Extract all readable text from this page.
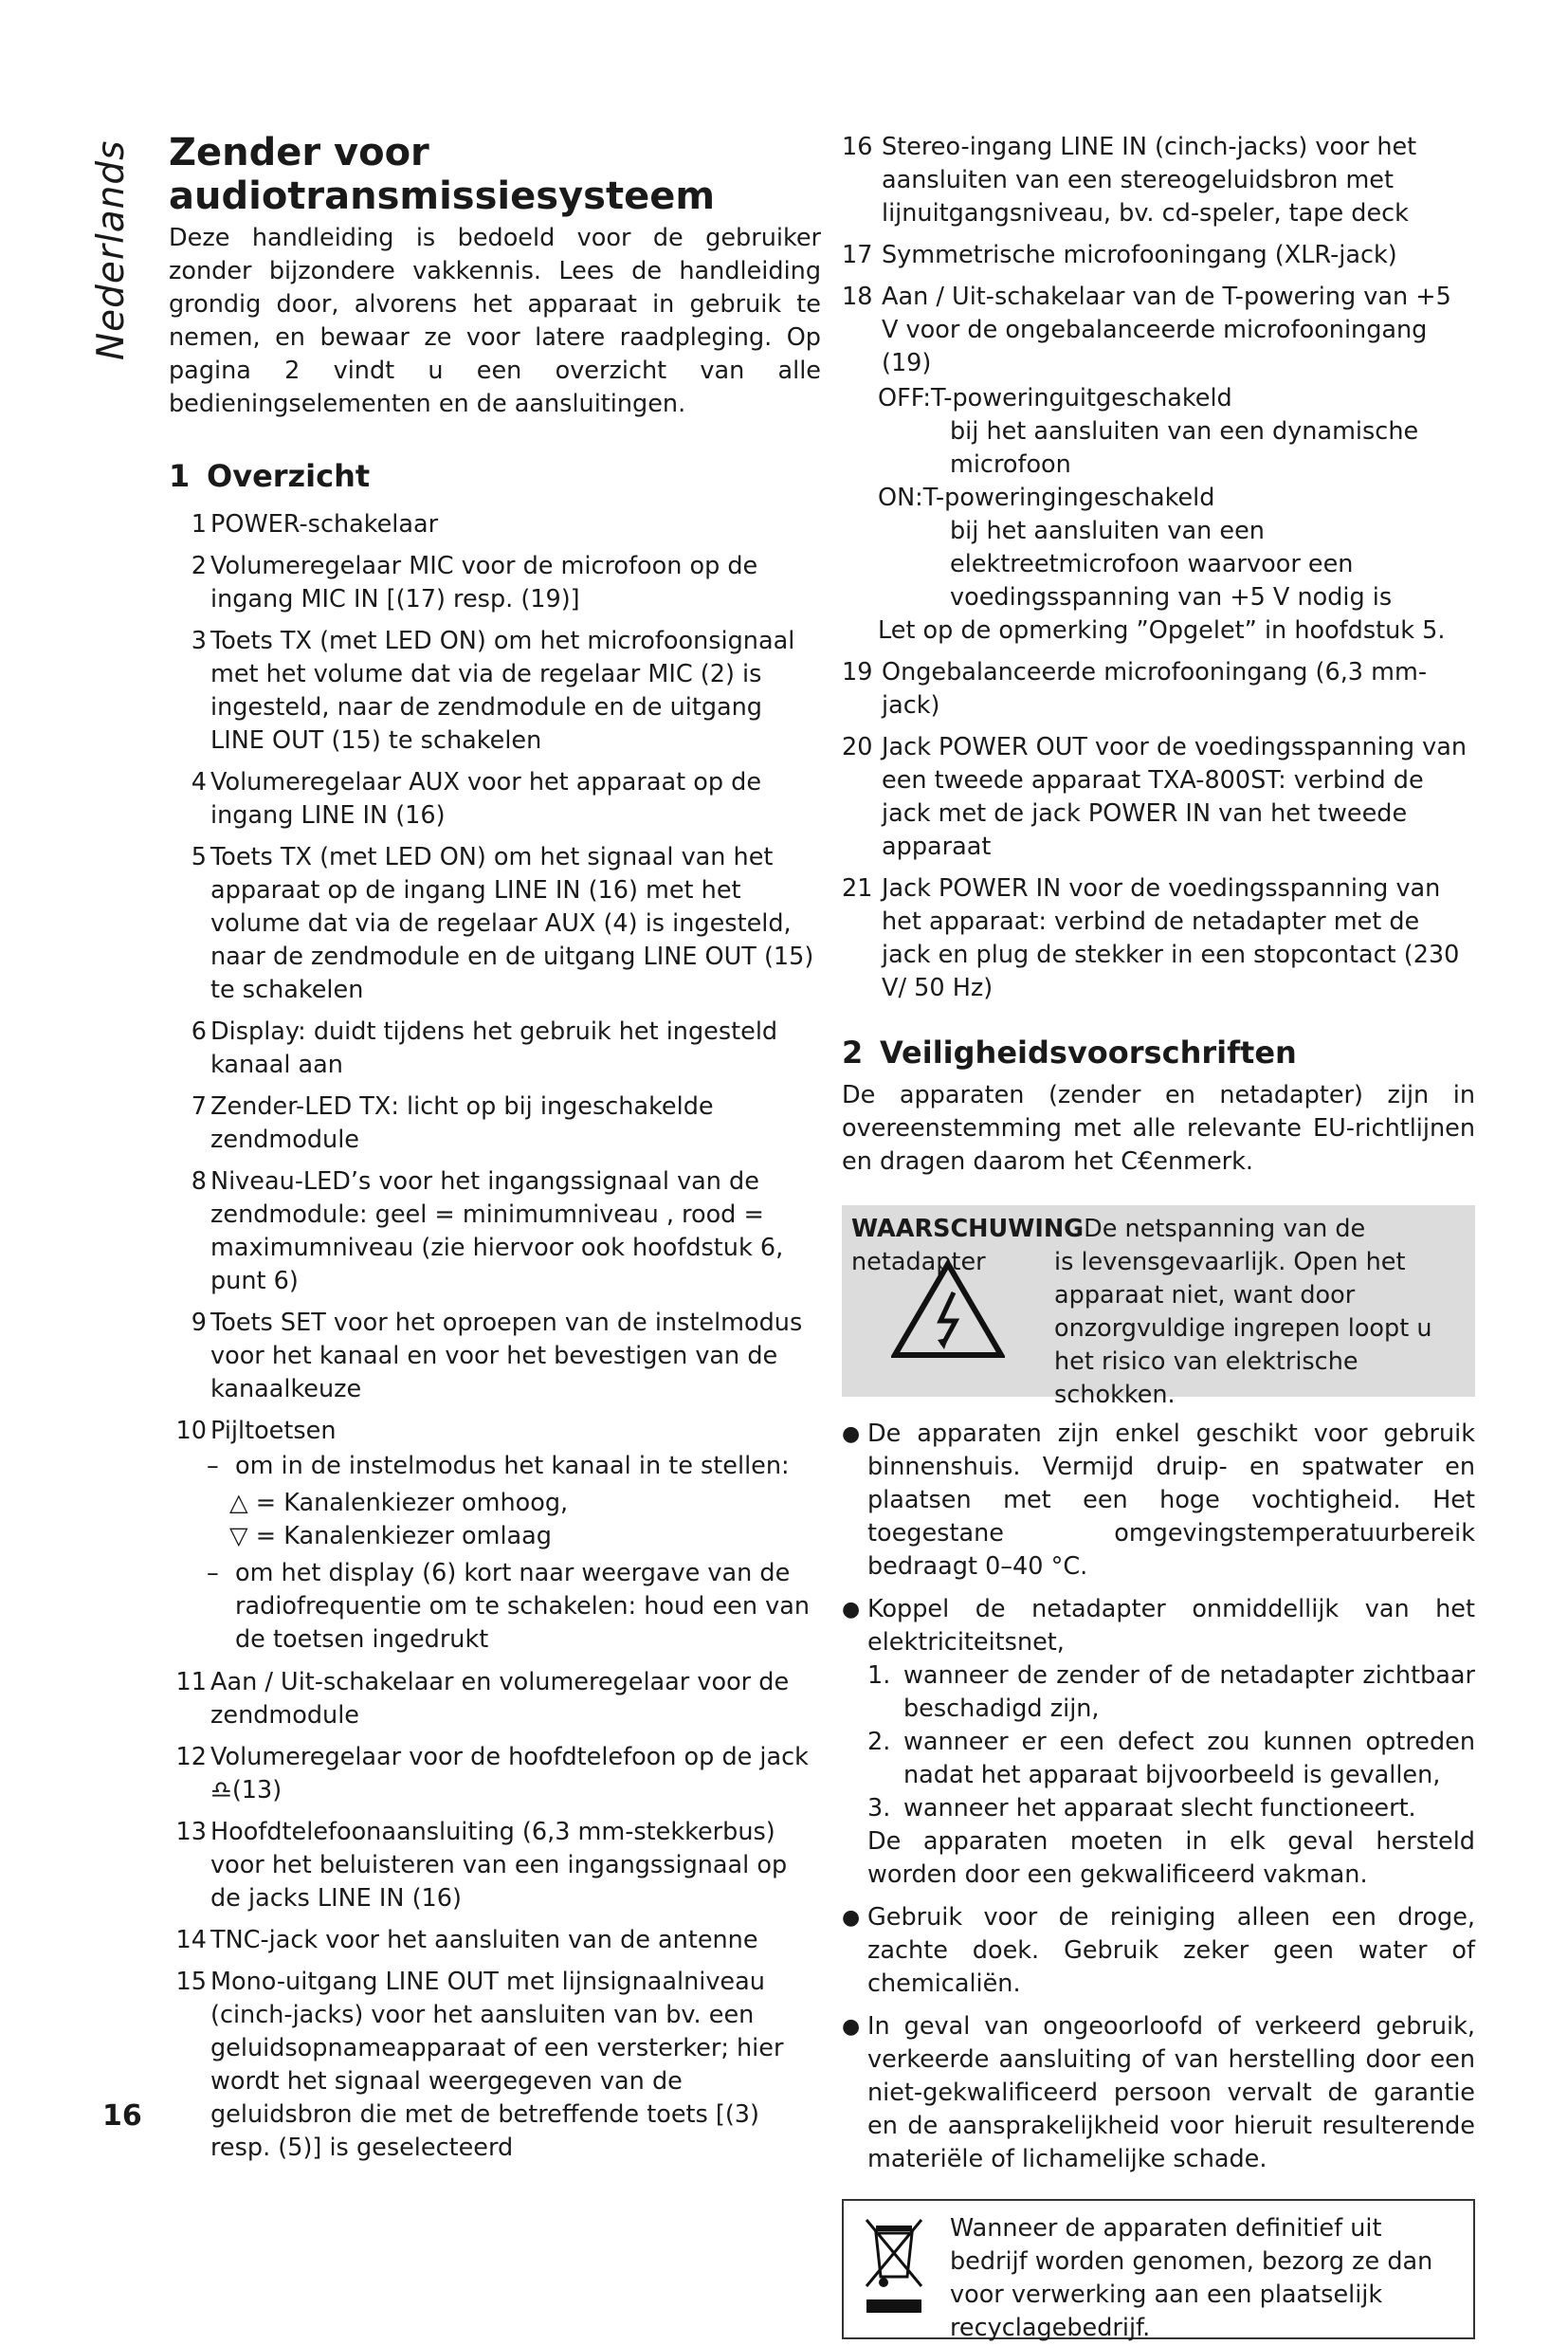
Nederlands Zender voor
audiotransmissiesysteem

Deze handleiding is bedoeld voor de gebruiker zonder bijzondere vakkennis. Lees de handleiding grondig door, alvorens het apparaat in gebruik te nemen, en bewaar ze voor latere raadpleging. Op pagina 2 vindt u een overzicht van alle bedieningselementen en de aansluitingen.

1 Overzicht
1 POWER-schakelaar
2 Volumeregelaar MIC voor de microfoon op de ingang MIC IN [(17) resp. (19)]
3 Toets TX (met LED ON) om het microfoonsignaal met het volume dat via de regelaar MIC (2) is ingesteld, naar de zendmodule en de uitgang LINE OUT (15) te schakelen
4 Volumeregelaar AUX voor het apparaat op de ingang LINE IN (16)
5 Toets TX (met LED ON) om het signaal van het apparaat op de ingang LINE IN (16) met het volume dat via de regelaar AUX (4) is ingesteld, naar de zendmodule en de uitgang LINE OUT (15) te schakelen
6 Display: duidt tijdens het gebruik het ingesteld kanaal aan
7 Zender-LED TX: licht op bij ingeschakelde zendmodule
8 Niveau-LED’s voor het ingangssignaal van de zendmodule: geel = minimumniveau , rood = maximumniveau (zie hiervoor ook hoofdstuk 6, punt 6)
9 Toets SET voor het oproepen van de instelmodus voor het kanaal en voor het bevestigen van de kanaalkeuze
10 Pijltoetsen
– om in de instelmodus het kanaal in te stellen:
△ = Kanalenkiezer omhoog,
▽ = Kanalenkiezer omlaag
– om het display (6) kort naar weergave van de radiofrequentie om te schakelen: houd een van de toetsen ingedrukt
11 Aan / Uit-schakelaar en volumeregelaar voor de zendmodule
12 Volumeregelaar voor de hoofdtelefoon op de jack ♎(13)
13 Hoofdtelefoonaansluiting (6,3 mm-stekkerbus) voor het beluisteren van een ingangssignaal op de jacks LINE IN (16)
14 TNC-jack voor het aansluiten van de antenne
15 Mono-uitgang LINE OUT met lijnsignaalniveau (cinch-jacks) voor het aansluiten van bv. een geluidsopnameapparaat of een versterker; hier wordt het signaal weergegeven van de geluidsbron die met de betreffende toets [(3) resp. (5)] is geselecteerd
16 Stereo-ingang LINE IN (cinch-jacks) voor het aansluiten van een stereogeluidsbron met lijnuitgangsniveau, bv. cd-speler, tape deck
17 Symmetrische microfooningang (XLR-jack)
18 Aan / Uit-schakelaar van de T-powering van +5 V voor de ongebalanceerde microfooningang (19)
OFF:T-poweringuitgeschakeld
bij het aansluiten van een dynamische microfoon
ON:T-poweringingeschakeld
bij het aansluiten van een elektreetmicrofoon waarvoor een voedingsspanning van +5 V nodig is
Let op de opmerking ”Opgelet” in hoofdstuk 5.
19 Ongebalanceerde microfooningang (6,3 mm-jack)
20 Jack POWER OUT voor de voedingsspanning van een tweede apparaat TXA-800ST: verbind de jack met de jack POWER IN van het tweede apparaat
21 Jack POWER IN voor de voedingsspanning van het apparaat: verbind de netadapter met de jack en plug de stekker in een stopcontact (230 V/ 50 Hz)
2 Veiligheidsvoorschriften

De apparaten (zender en netadapter) zijn in overeenstemming met alle relevante EU-richtlijnen en dragen daarom het C€enmerk.

WAARSCHUWINGDe netspanning van de netadapter	is levensgevaarlijk. Open het apparaat niet, want door onzorgvuldige ingrepen loopt u het risico van elektrische schokken.
● De apparaten zijn enkel geschikt voor gebruik binnenshuis. Vermijd druip- en spatwater en plaatsen met een hoge vochtigheid. Het toegestane omgevingstemperatuurbereik bedraagt 0–40 °C.
● Koppel de netadapter onmiddellijk van het elektriciteitsnet,
1. wanneer de zender of de netadapter zichtbaar beschadigd zijn,
2. wanneer er een defect zou kunnen optreden nadat het apparaat bijvoorbeeld is gevallen,
3. wanneer het apparaat slecht functioneert.
De apparaten moeten in elk geval hersteld worden door een gekwalificeerd vakman.
● Gebruik voor de reiniging alleen een droge, zachte doek. Gebruik zeker geen water of chemicaliën.
● In geval van ongeoorloofd of verkeerd gebruik, verkeerde aansluiting of van herstelling door een niet-gekwalificeerd persoon vervalt de garantie en de aansprakelijkheid voor hieruit resulterende materiële of lichamelijke schade.
Wanneer de apparaten definitief uit bedrijf worden genomen, bezorg ze dan voor verwerking aan een plaatselijk recyclagebedrijf.
16
